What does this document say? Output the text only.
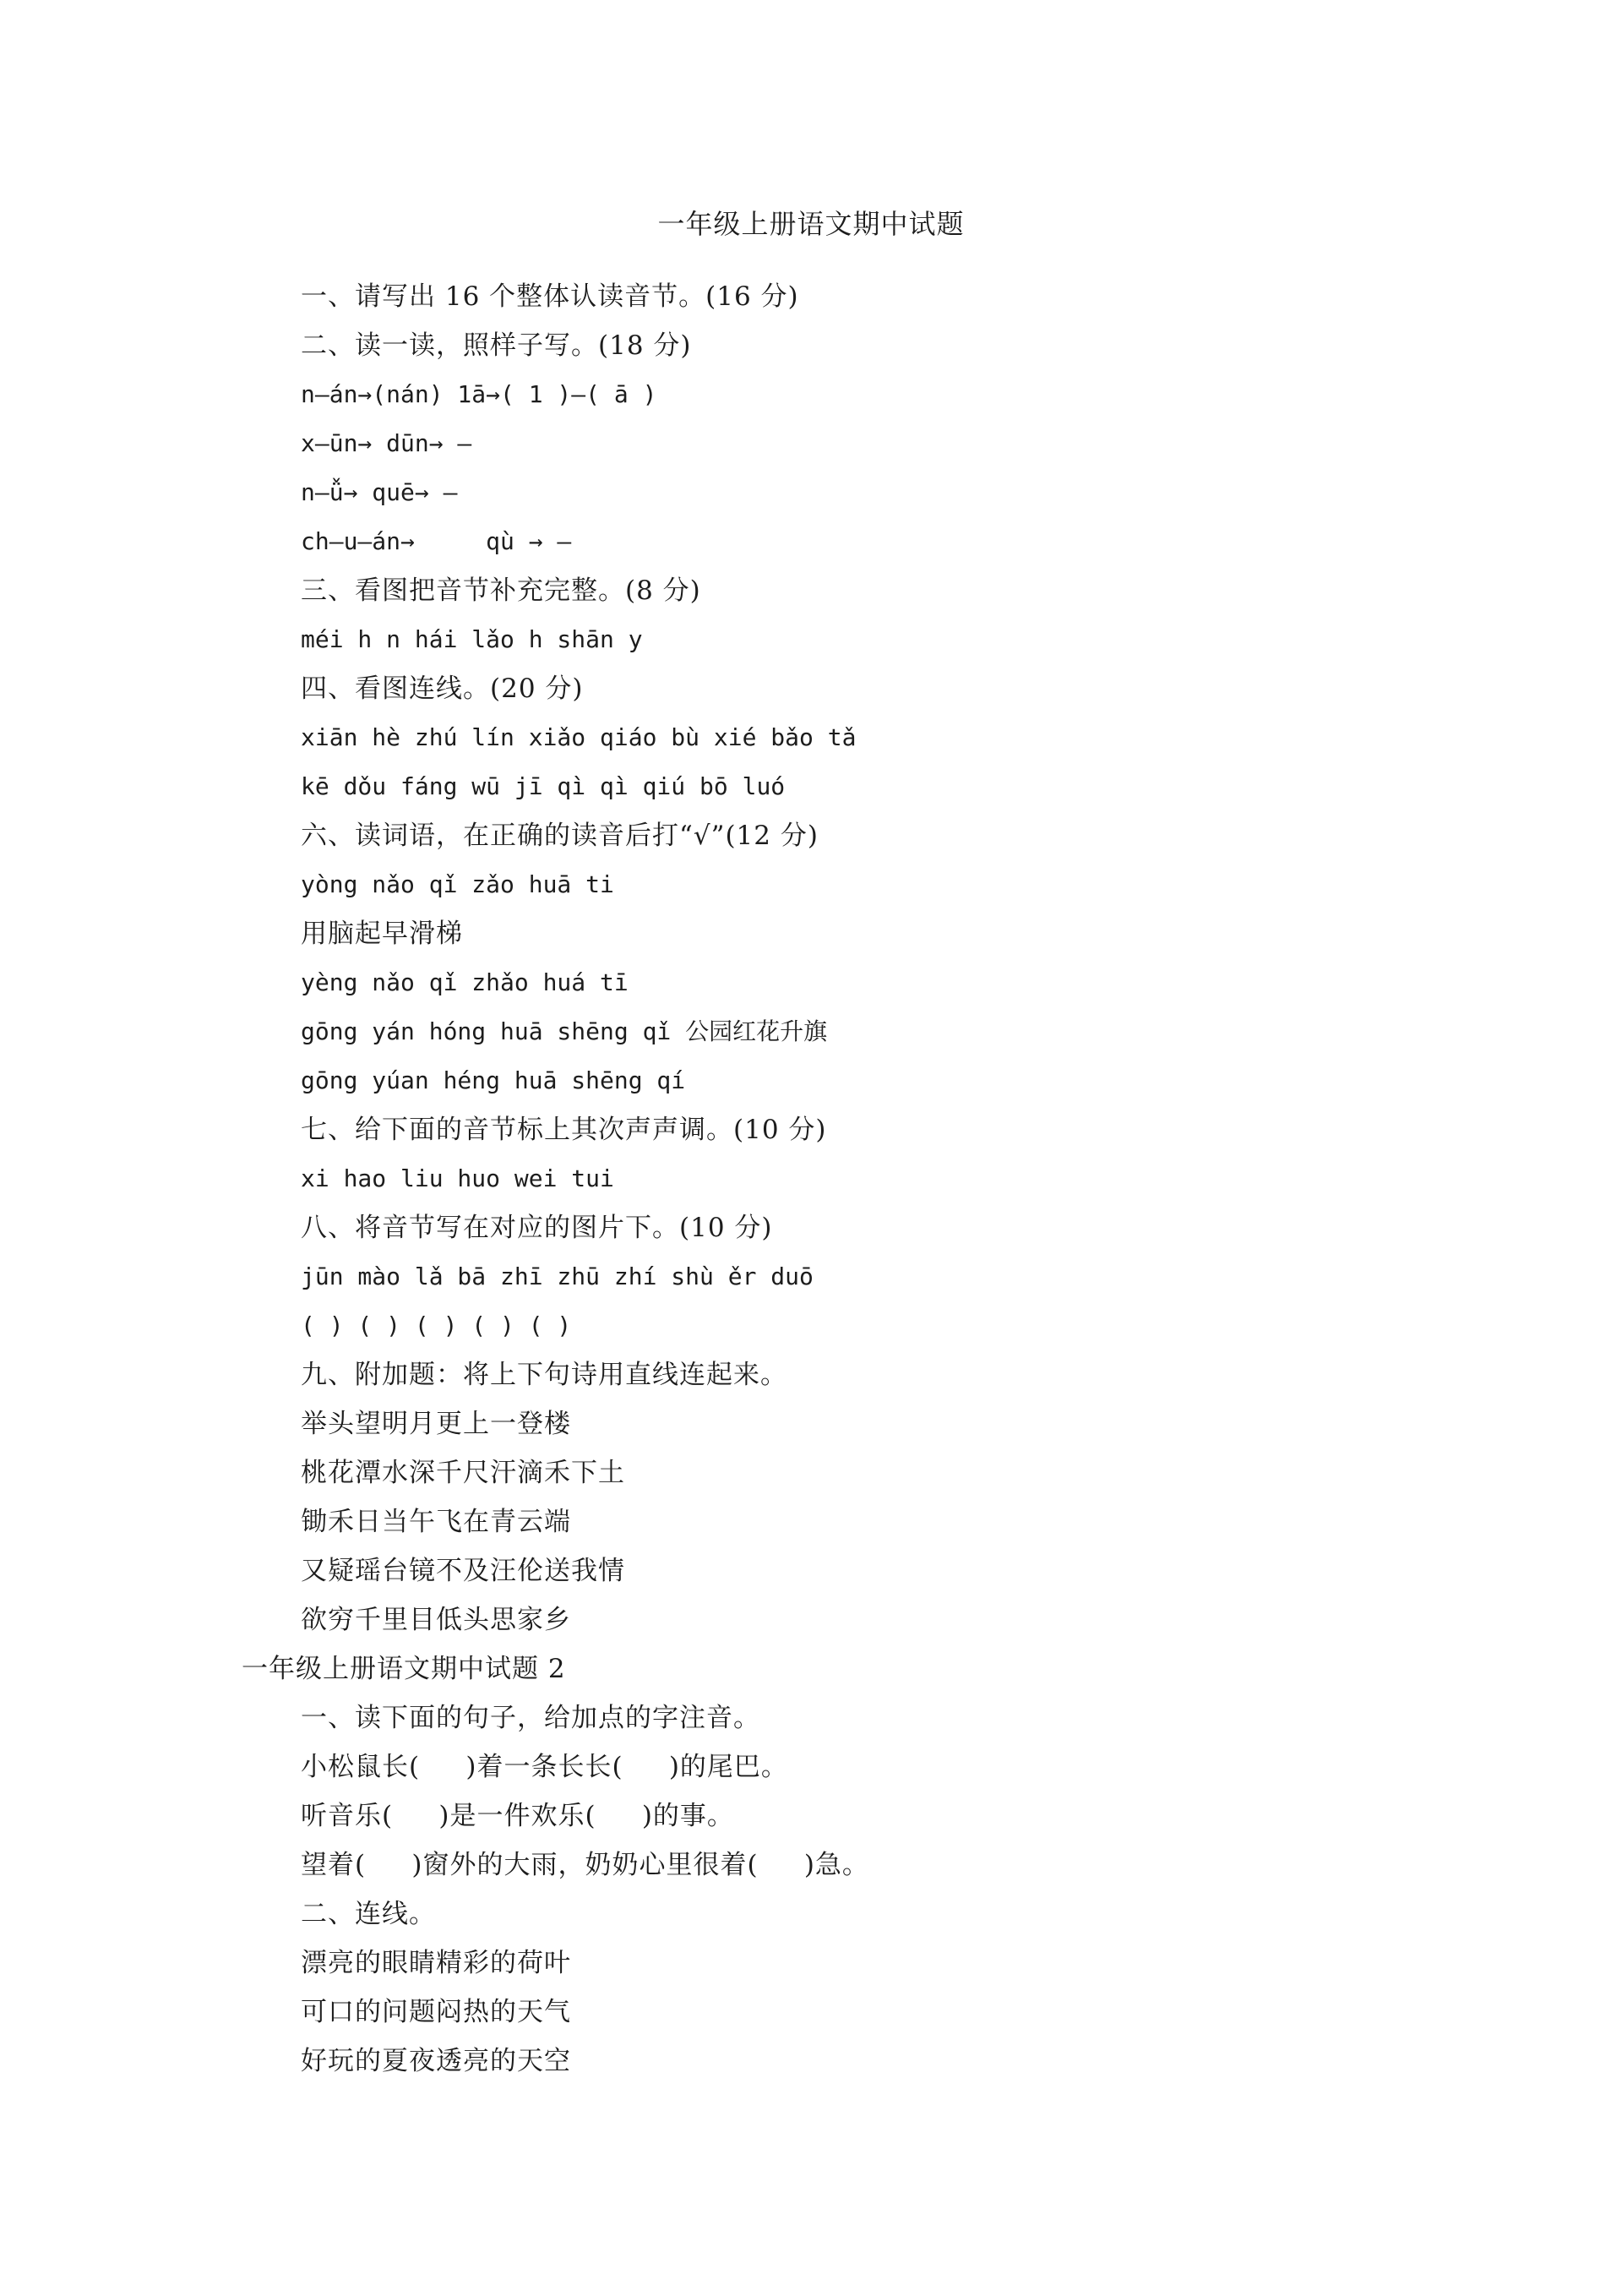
一年级上册语文期中试题
一、请写出 16 个整体认读音节。(16 分)
二、读一读，照样子写。(18 分)
n—án→(nán) 1ā→( 1 )—( ā )
x—ūn→ dūn→ —
n—ǚ→ quē→ —
ch—u—án→     qù → —
三、看图把音节补充完整。(8 分)
méi h n hái lǎo h shān y
四、看图连线。(20 分)
xiān hè zhú lín xiǎo qiáo bù xié bǎo tǎ
kē dǒu fáng wū jī qì qì qiú bō luó
六、读词语，在正确的读音后打“√”(12 分)
yòng nǎo qǐ zǎo huā ti
用脑起早滑梯
yèng nǎo qǐ zhǎo huá tī
gōng yán hóng huā shēng qǐ 公园红花升旗
gōng yúan héng huā shēng qí
七、给下面的音节标上其次声声调。(10 分)
xi hao liu huo wei tui
八、将音节写在对应的图片下。(10 分)
jūn mào lǎ bā zhī zhū zhí shù ěr duō
( ) ( ) ( ) ( ) ( )
九、附加题：将上下句诗用直线连起来。
举头望明月更上一登楼
桃花潭水深千尺汗滴禾下土
锄禾日当午飞在青云端
又疑瑶台镜不及汪伦送我情
欲穷千里目低头思家乡
一年级上册语文期中试题 2
一、读下面的句子，给加点的字注音。
小松鼠长(     )着一条长长(     )的尾巴。
听音乐(     )是一件欢乐(     )的事。
望着(     )窗外的大雨，奶奶心里很着(     )急。
二、连线。
漂亮的眼睛精彩的荷叶
可口的问题闷热的天气
好玩的夏夜透亮的天空
